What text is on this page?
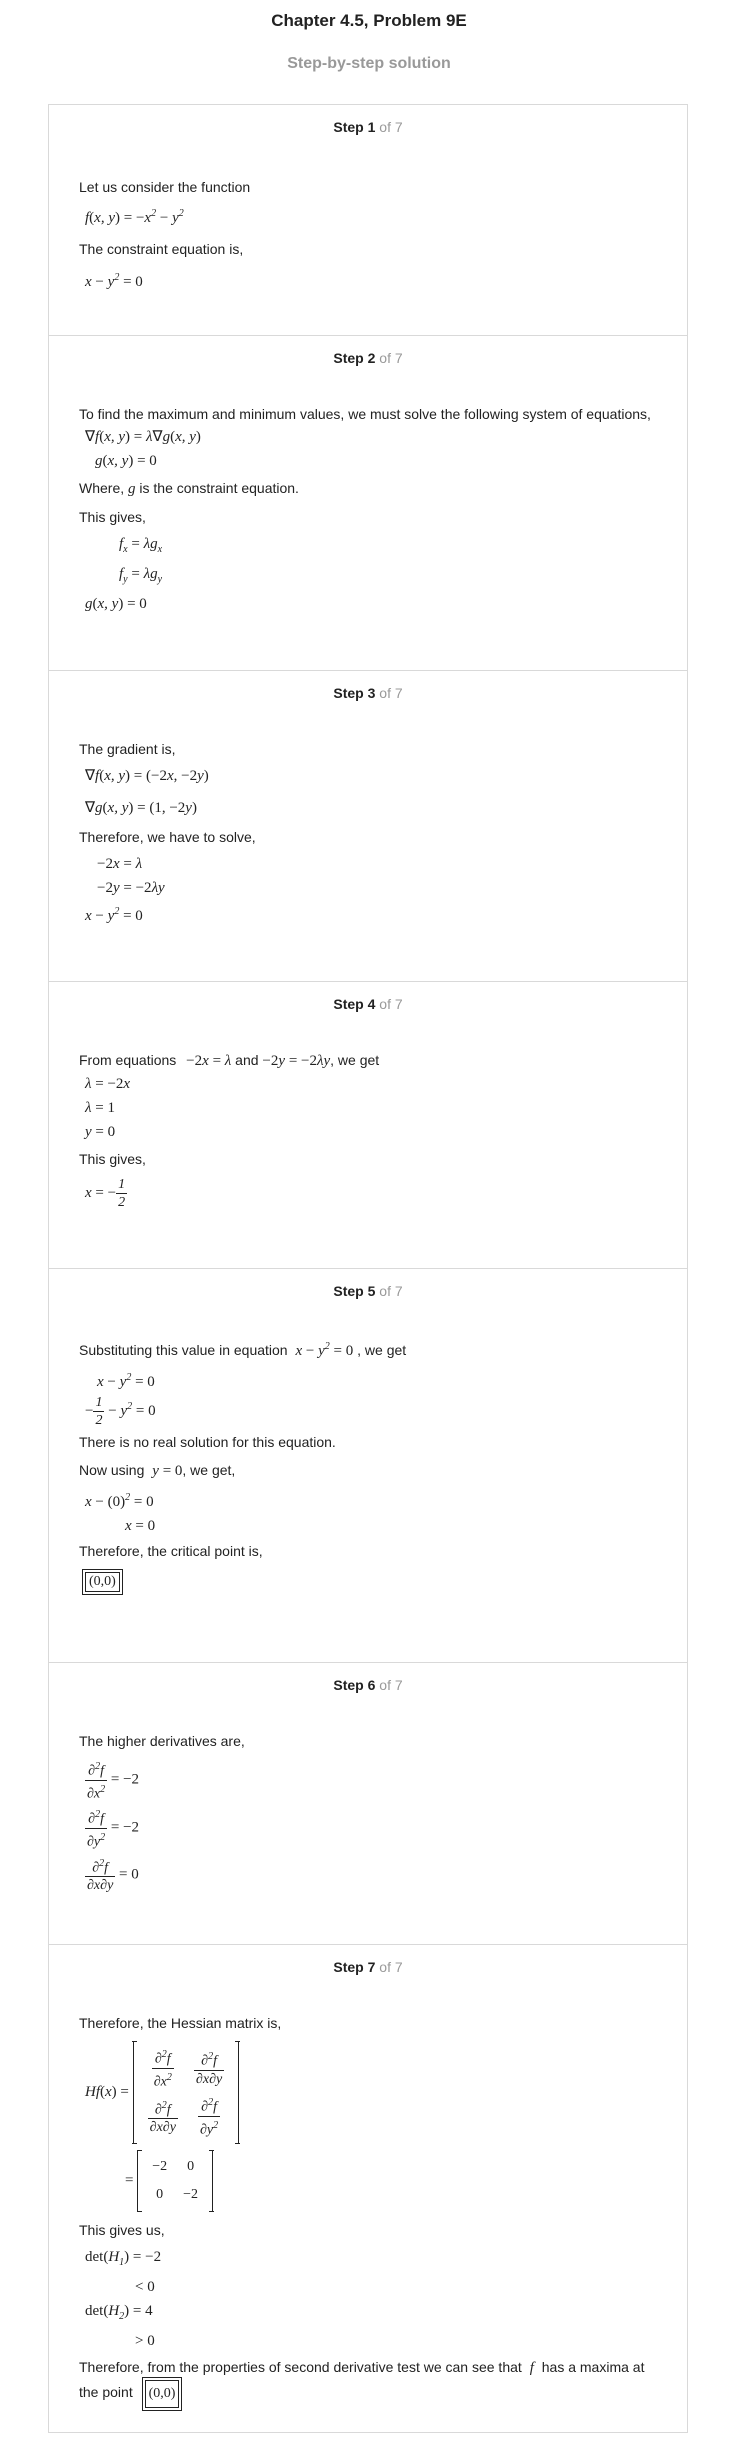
Chapter 4.5, Problem 9E
Step-by-step solution
Step 1 of 7

Let us consider the function

f(x, $y) = -x^2 - y^2$

The constraint equation is,

$x - y^2 = 0$
Step 2 of 7

To find the maximum and minimum values, we must solve the following system of equations,

∇f(x, y) = λ∇g(x, y)
g(x, y) = 0

Where, g is the constraint equation.

This gives,

$f_x = \lambda g_x$
$f_y = \lambda g_y$
g(x, y) = 0
Step 3 of 7

The gradient is,

∇f(x, y) = (−2x, −2y)
∇g(x, y) = (1, −2y)

Therefore, we have to solve,

−2x = λ
−2y = −2λy
$x - y^2 = 0$
Step 4 of 7

From equations −2x = λ and −2y = −2λy, we get

λ = −2x
λ = 1
y = 0

This gives,

x = − $\frac{1}{2}$
Step 5 of 7

Substituting this value in equation $x - y^2 = 0$ , we get

$x - y^2 = 0$
− $\frac{1}{2} - y^2 = 0$

There is no real solution for this equation.

Now using y = 0, we get,

$x - (0)^2 = 0$
x = 0

Therefore, the critical point is,

(0,0)
Step 6 of 7

The higher derivatives are,

$\frac{\partial^2f}{\partial x^2} = -2$
$\frac{\partial^2f}{\partial y^2} = -2$
$\frac{\partial^2f}{\partial x\partial y} = 0$
Step 7 of 7

Therefore, the Hessian matrix is,

Hf(x) =
$\frac{\partial^2f}{\partial x^2}$	$\frac{\partial^2f}{\partial x\partial y}$

$\frac{\partial^2f}{\partial x\partial y}$	$\frac{\partial^2f}{\partial y^2}$
=
−2	0
0	−2

This gives us,

$\det(H_1) = -2$
< 0
$\det(H_2) = 4$
> 0

Therefore, from the properties of second derivative test we can see that f has a maxima at
the point (0,0)
